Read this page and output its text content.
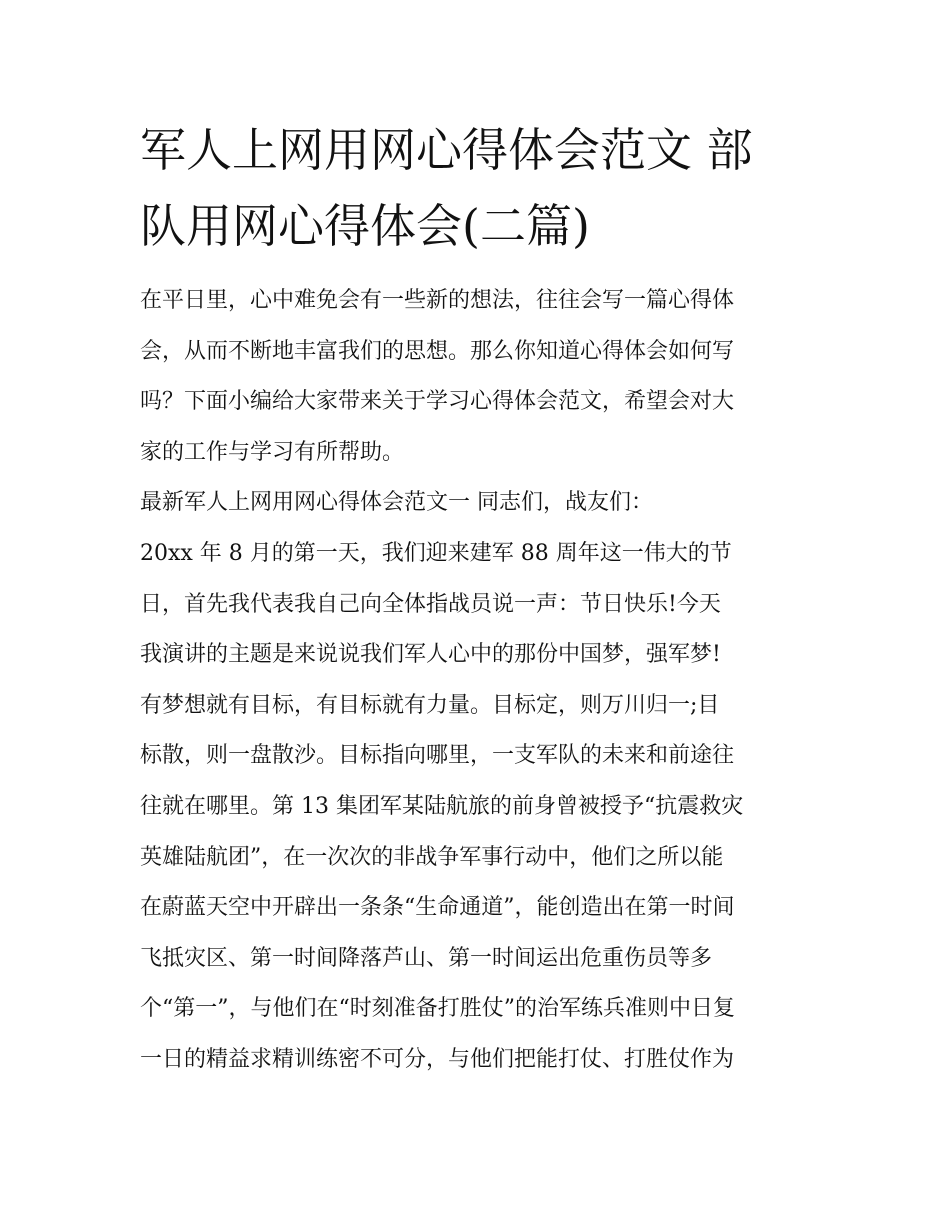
军人上网用网心得体会范文 部
队用网心得体会(二篇)
在平日里，心中难免会有一些新的想法，往往会写一篇心得体
会，从而不断地丰富我们的思想。那么你知道心得体会如何写
吗？下面小编给大家带来关于学习心得体会范文，希望会对大
家的工作与学习有所帮助。
最新军人上网用网心得体会范文一 同志们，战友们：
20xx 年 8 月的第一天，我们迎来建军 88 周年这一伟大的节
日，首先我代表我自己向全体指战员说一声：节日快乐!今天
我演讲的主题是来说说我们军人心中的那份中国梦，强军梦!
有梦想就有目标，有目标就有力量。目标定，则万川归一;目
标散，则一盘散沙。目标指向哪里，一支军队的未来和前途往
往就在哪里。第 13 集团军某陆航旅的前身曾被授予“抗震救灾
英雄陆航团”，在一次次的非战争军事行动中，他们之所以能
在蔚蓝天空中开辟出一条条“生命通道”，能创造出在第一时间
飞抵灾区、第一时间降落芦山、第一时间运出危重伤员等多
个“第一”，与他们在“时刻准备打胜仗”的治军练兵准则中日复
一日的精益求精训练密不可分，与他们把能打仗、打胜仗作为
